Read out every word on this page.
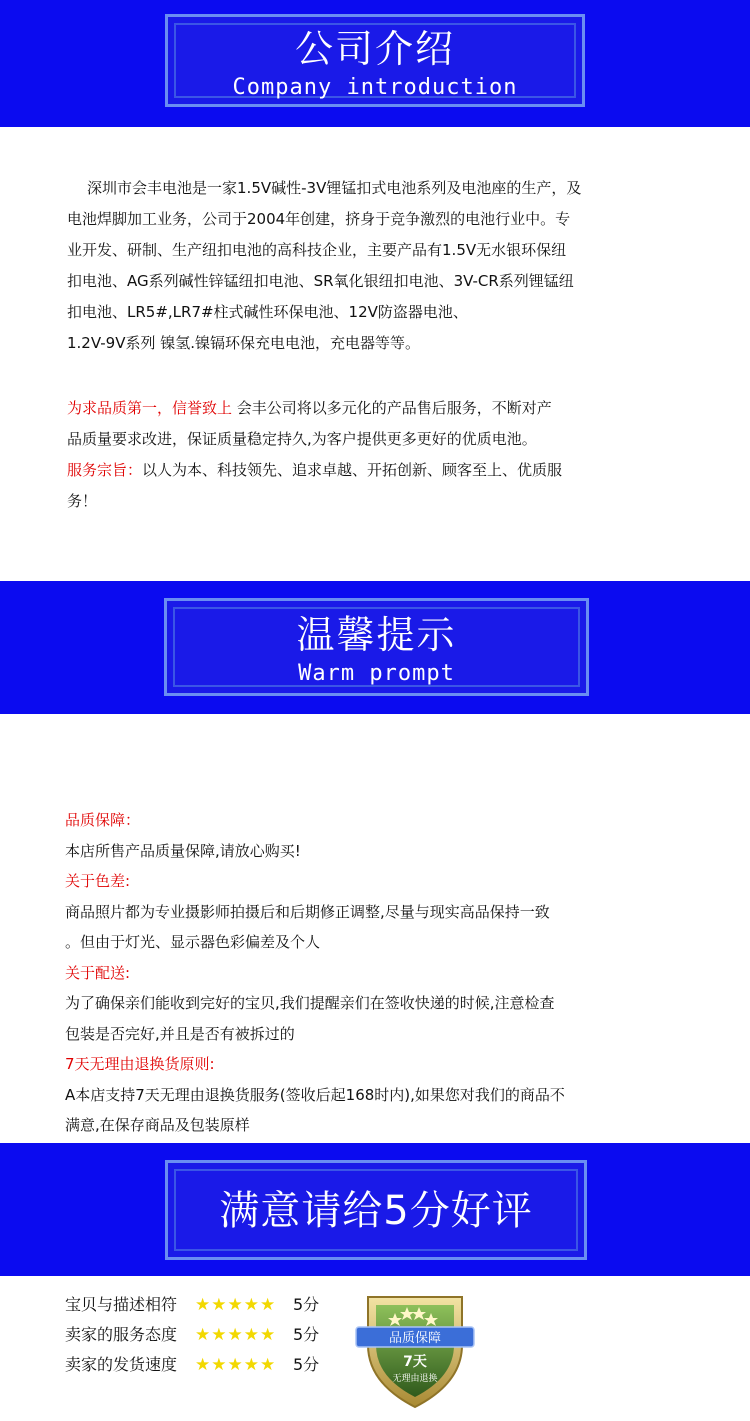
公司介绍
Company introduction

深圳市会丰电池是一家1.5V碱性-3V锂锰扣式电池系列及电池座的生产，及

电池焊脚加工业务，公司于2004年创建，挤身于竞争激烈的电池行业中。专

业开发、研制、生产纽扣电池的高科技企业，主要产品有1.5V无水银环保纽

扣电池、AG系列碱性锌锰纽扣电池、SR氧化银纽扣电池、3V-CR系列锂锰纽

扣电池、LR5#,LR7#柱式碱性环保电池、12V防盗器电池、

1.2V-9V系列 镍氢.镍镉环保充电电池，充电器等等。

为求品质第一，信誉致上 会丰公司将以多元化的产品售后服务，不断对产

品质量要求改进，保证质量稳定持久,为客户提供更多更好的优质电池。

服务宗旨：以人为本、科技领先、追求卓越、开拓创新、顾客至上、优质服

务！

温馨提示
Warm prompt

品质保障：

本店所售产品质量保障,请放心购买!

关于色差:

商品照片都为专业摄影师拍摄后和后期修正调整,尽量与现实高品保持一致

。但由于灯光、显示器色彩偏差及个人

关于配送:

为了确保亲们能收到完好的宝贝,我们提醒亲们在签收快递的时候,注意检查

包装是否完好,并且是否有被拆过的

7天无理由退换货原则:

A本店支持7天无理由退换货服务(签收后起168时内),如果您对我们的商品不

满意,在保存商品及包装原样

满意请给5分好评
宝贝与描述相符	★★★★★	5分
卖家的服务态度	★★★★★	5分
卖家的发货速度	★★★★★	5分
品质保障
7天
无理由退换
